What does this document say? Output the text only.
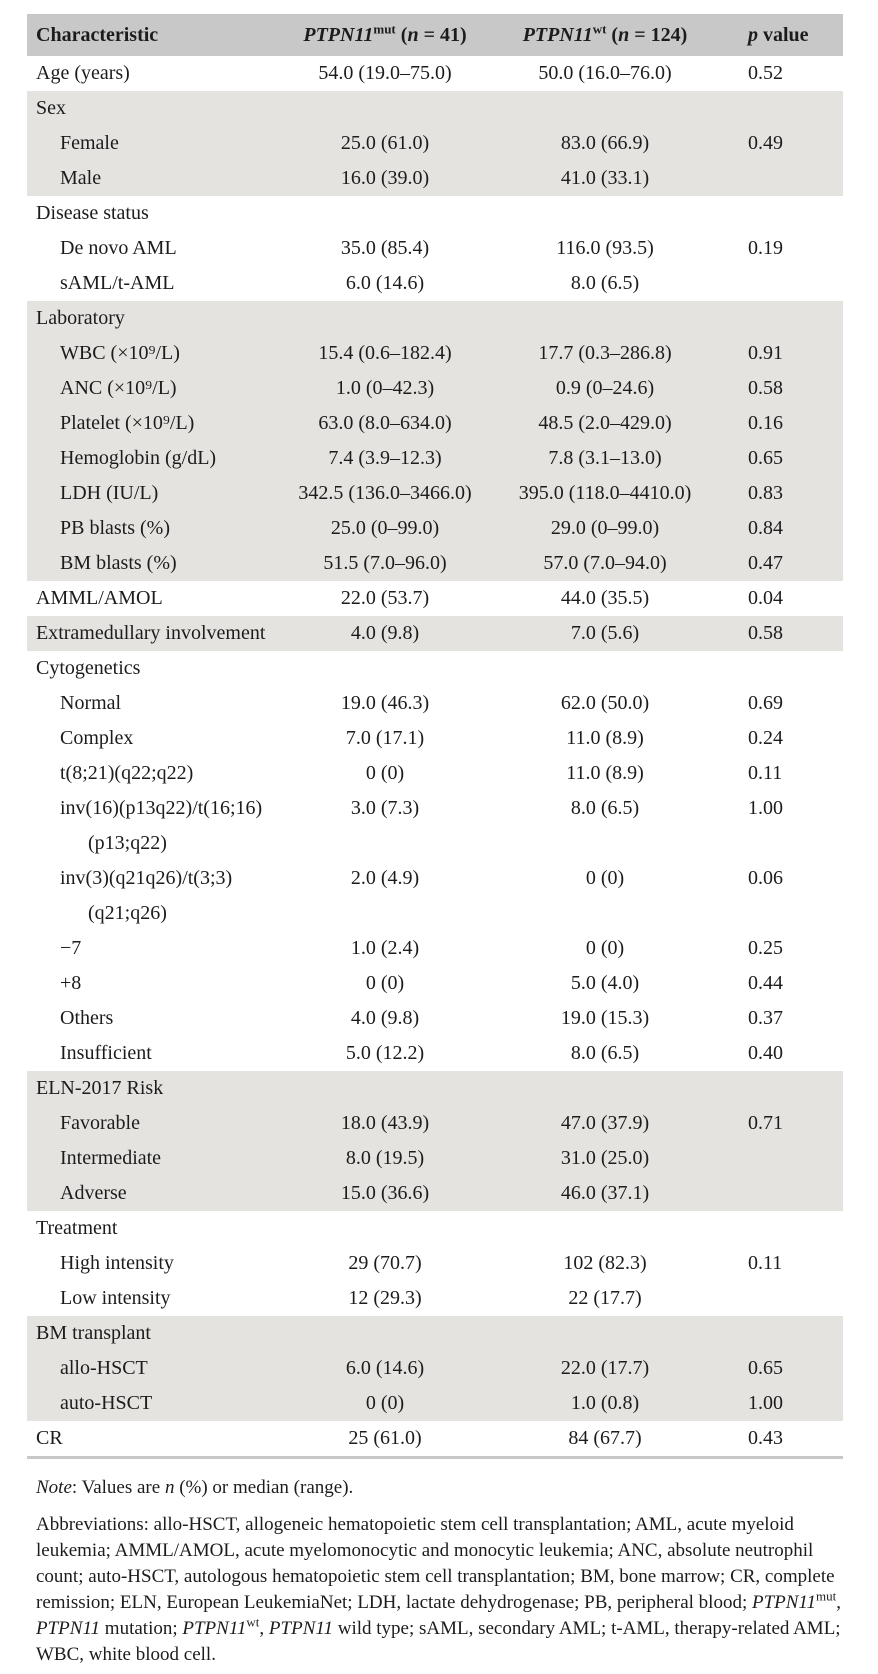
Characteristic	$PTPN11^{mut}$ (n = 41)	$PTPN11^{wt}$ (n = 124)	p value
Age (years)	54.0 (19.0–75.0)	50.0 (16.0–76.0)	0.52
Sex			
Female	25.0 (61.0)	83.0 (66.9)	0.49
Male	16.0 (39.0)	41.0 (33.1)	
Disease status			
De novo AML	35.0 (85.4)	116.0 (93.5)	0.19
sAML/t-AML	6.0 (14.6)	8.0 (6.5)	
Laboratory			
WBC (×10⁹/L)	15.4 (0.6–182.4)	17.7 (0.3–286.8)	0.91
ANC (×10⁹/L)	1.0 (0–42.3)	0.9 (0–24.6)	0.58
Platelet (×10⁹/L)	63.0 (8.0–634.0)	48.5 (2.0–429.0)	0.16
Hemoglobin (g/dL)	7.4 (3.9–12.3)	7.8 (3.1–13.0)	0.65
LDH (IU/L)	342.5 (136.0–3466.0)	395.0 (118.0–4410.0)	0.83
PB blasts (%)	25.0 (0–99.0)	29.0 (0–99.0)	0.84
BM blasts (%)	51.5 (7.0–96.0)	57.0 (7.0–94.0)	0.47
AMML/AMOL	22.0 (53.7)	44.0 (35.5)	0.04
Extramedullary involvement	4.0 (9.8)	7.0 (5.6)	0.58
Cytogenetics			
Normal	19.0 (46.3)	62.0 (50.0)	0.69
Complex	7.0 (17.1)	11.0 (8.9)	0.24
t(8;21)(q22;q22)	0 (0)	11.0 (8.9)	0.11
inv(16)(p13q22)/t(16;16)
(p13;q22)	3.0 (7.3)	8.0 (6.5)	1.00
inv(3)(q21q26)/t(3;3)
(q21;q26)	2.0 (4.9)	0 (0)	0.06
−7	1.0 (2.4)	0 (0)	0.25
+8	0 (0)	5.0 (4.0)	0.44
Others	4.0 (9.8)	19.0 (15.3)	0.37
Insufficient	5.0 (12.2)	8.0 (6.5)	0.40
ELN-2017 Risk			
Favorable	18.0 (43.9)	47.0 (37.9)	0.71
Intermediate	8.0 (19.5)	31.0 (25.0)	
Adverse	15.0 (36.6)	46.0 (37.1)	
Treatment			
High intensity	29 (70.7)	102 (82.3)	0.11
Low intensity	12 (29.3)	22 (17.7)	
BM transplant			
allo-HSCT	6.0 (14.6)	22.0 (17.7)	0.65
auto-HSCT	0 (0)	1.0 (0.8)	1.00
CR	25 (61.0)	84 (67.7)	0.43

Note: Values are n (%) or median (range).

Abbreviations: allo-HSCT, allogeneic hematopoietic stem cell transplantation; AML, acute myeloid leukemia; AMML/AMOL, acute myelomonocytic and monocytic leukemia; ANC, absolute neutrophil count; auto-HSCT, autologous hematopoietic stem cell transplantation; BM, bone marrow; CR, complete remission; ELN, European LeukemiaNet; LDH, lactate dehydrogenase; PB, peripheral blood; $PTPN11^{mut}$, PTPN11 mutation; $PTPN11^{wt}$, PTPN11 wild type; sAML, secondary AML; t-AML, therapy-related AML; WBC, white blood cell.
